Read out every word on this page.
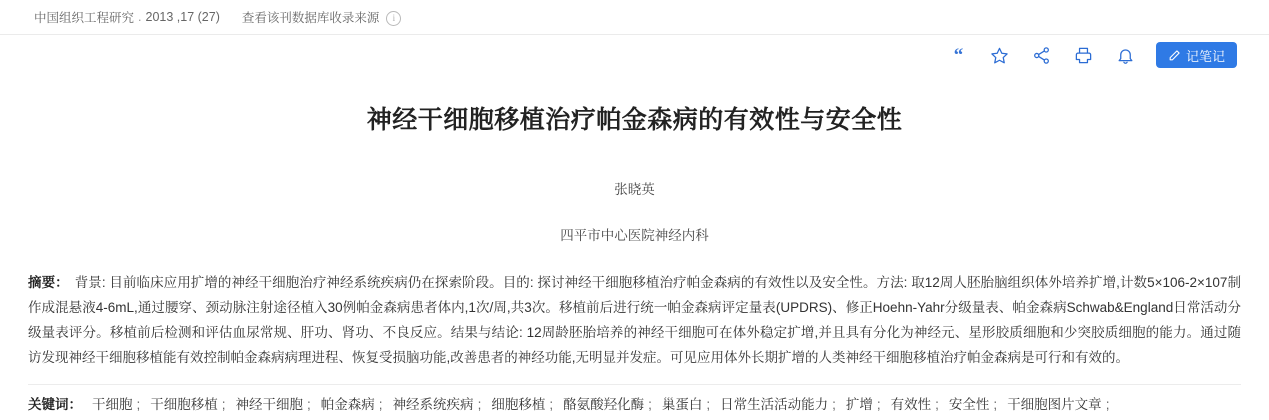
中国组织工程研究 . 2013 ,17 (27) 查看该刊数据库收录来源	i
“	记笔记
神经干细胞移植治疗帕金森病的有效性与安全性
张晓英
四平市中心医院神经内科
摘要： 背景: 目前临床应用扩增的神经干细胞治疗神经系统疾病仍在探索阶段。目的: 探讨神经干细胞移植治疗帕金森病的有效性以及安全性。方法: 取12周人胚胎脑组织体外培养扩增,计数5×106-2×107制作成混悬液4-6mL,通过腰穿、颈动脉注射途径植入30例帕金森病患者体内,1次/周,共3次。移植前后进行统一帕金森病评定量表(UPDRS)、修正Hoehn-Yahr分级量表、帕金森病Schwab&England日常活动分级量表评分。移植前后检测和评估血尿常规、肝功、肾功、不良反应。结果与结论: 12周龄胚胎培养的神经干细胞可在体外稳定扩增,并且具有分化为神经元、星形胶质细胞和少突胶质细胞的能力。通过随访发现神经干细胞移植能有效控制帕金森病病理进程、恢复受损脑功能,改善患者的神经功能,无明显并发症。可见应用体外长期扩增的人类神经干细胞移植治疗帕金森病是可行和有效的。
关键词： 干细胞 ; 干细胞移植 ; 神经干细胞 ; 帕金森病 ; 神经系统疾病 ; 细胞移植 ; 酪氨酸羟化酶 ; 巢蛋白 ; 日常生活活动能力 ; 扩增 ; 有效性 ; 安全性 ; 干细胞图片文章 ;
